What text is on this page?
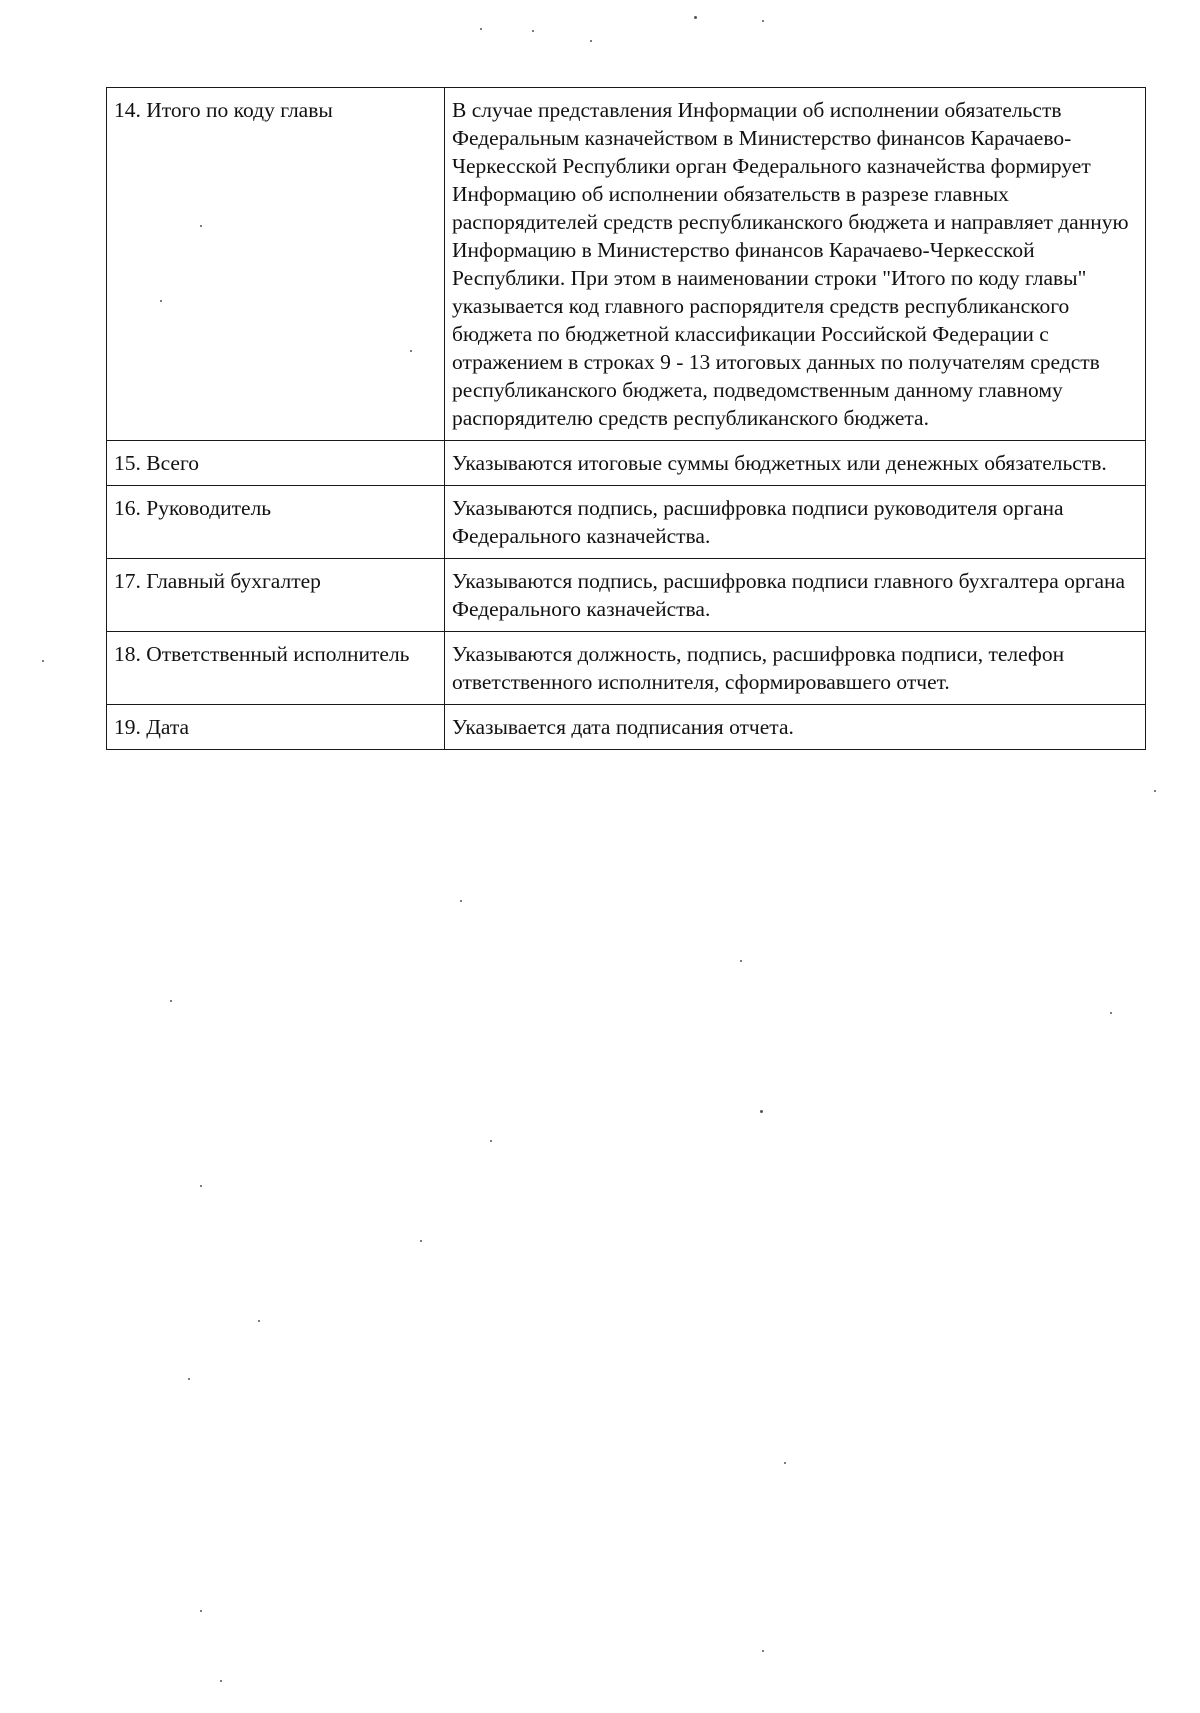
14. Итого по коду главы	В случае представления Информации об исполнении обязательств Федеральным казначейством в Министерство финансов Карачаево-Черкесской Республики орган Федерального казначейства формирует Информацию об исполнении обязательств в разрезе главных распорядителей средств республиканского бюджета и направляет данную Информацию в Министерство финансов Карачаево-Черкесской Республики. При этом в наименовании строки "Итого по коду главы" указывается код главного распорядителя средств республиканского бюджета по бюджетной классификации Российской Федерации с отражением в строках 9 - 13 итоговых данных по получателям средств республиканского бюджета, подведомственным данному главному распорядителю средств республиканского бюджета.
15. Всего	Указываются итоговые суммы бюджетных или денежных обязательств.
16. Руководитель	Указываются подпись, расшифровка подписи руководителя органа Федерального казначейства.
17. Главный бухгалтер	Указываются подпись, расшифровка подписи главного бухгалтера органа Федерального казначейства.
18. Ответственный исполнитель	Указываются должность, подпись, расшифровка подписи, телефон ответственного исполнителя, сформировавшего отчет.
19. Дата	Указывается дата подписания отчета.
